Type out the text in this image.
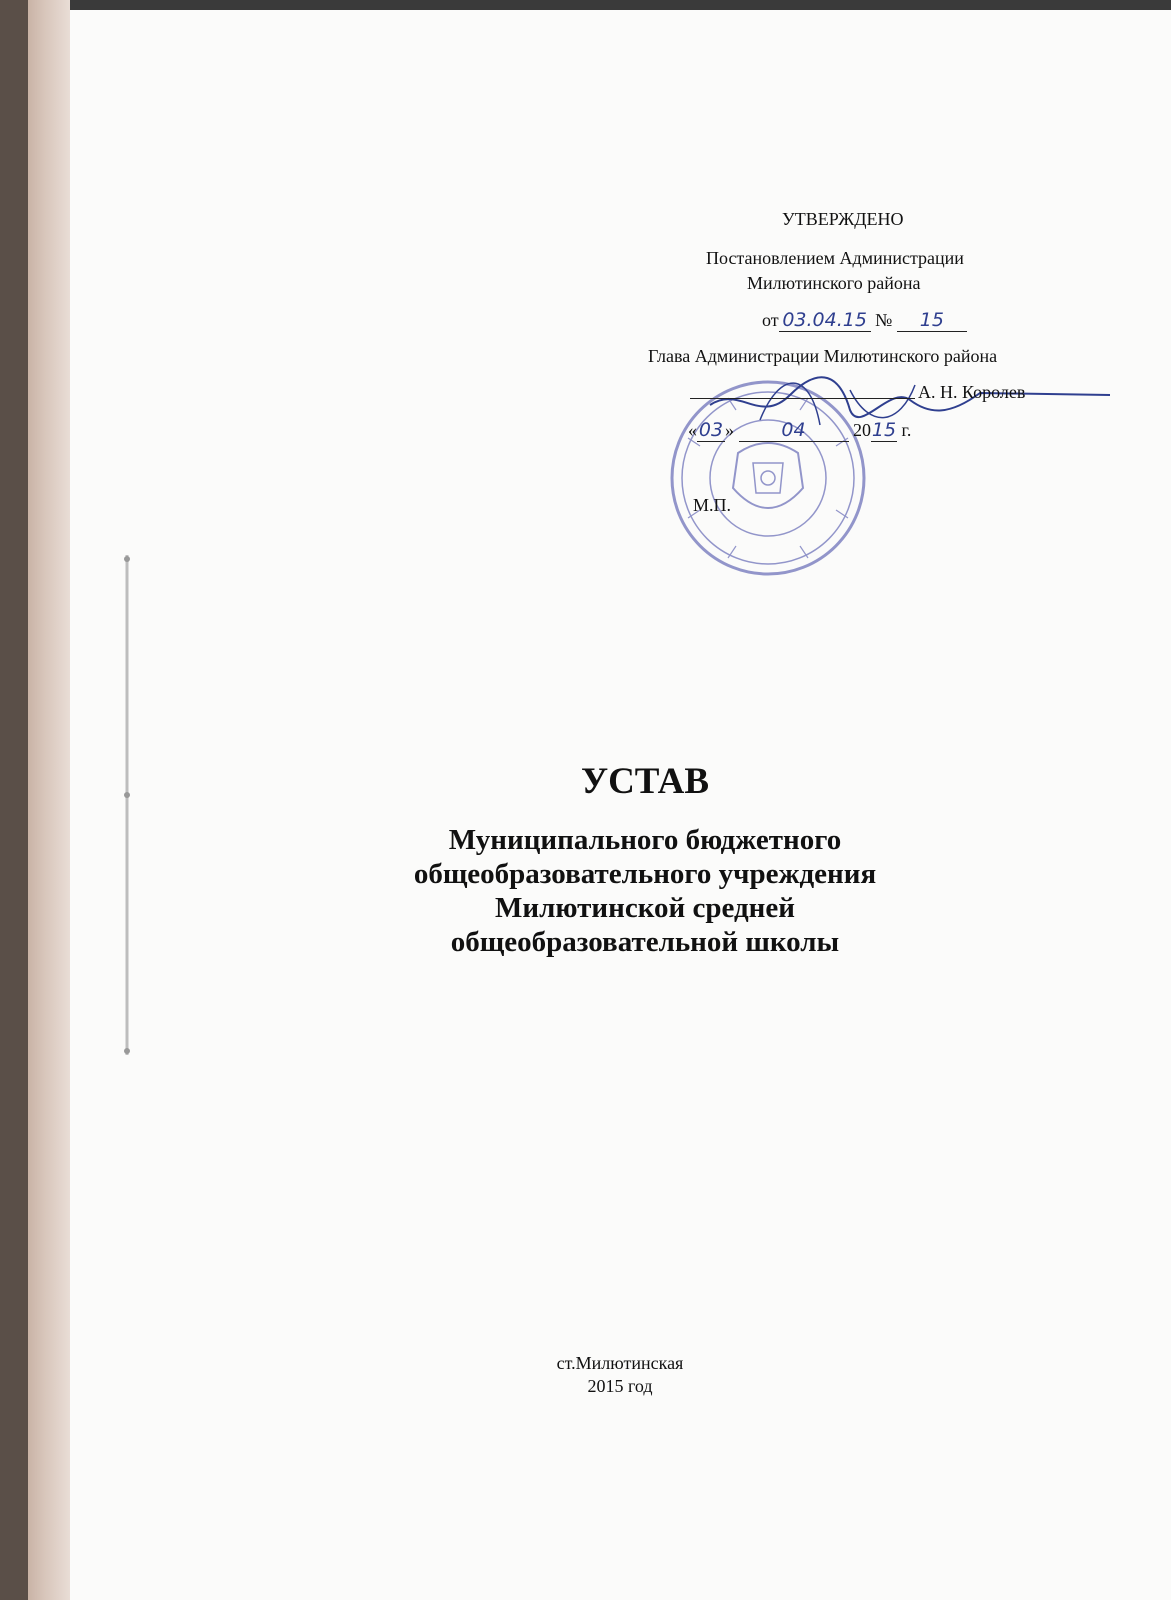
УТВЕРЖДЕНО
Постановлением Администрации
Милютинского района
от 03.04.15 № 15
Глава Администрации Милютинского района
А. Н. Королев
« 03 » 04	2015 г.
М.П.
УСТАВ
Муниципального бюджетного
общеобразовательного учреждения
Милютинской средней
общеобразовательной школы
ст.Милютинская
2015 год
